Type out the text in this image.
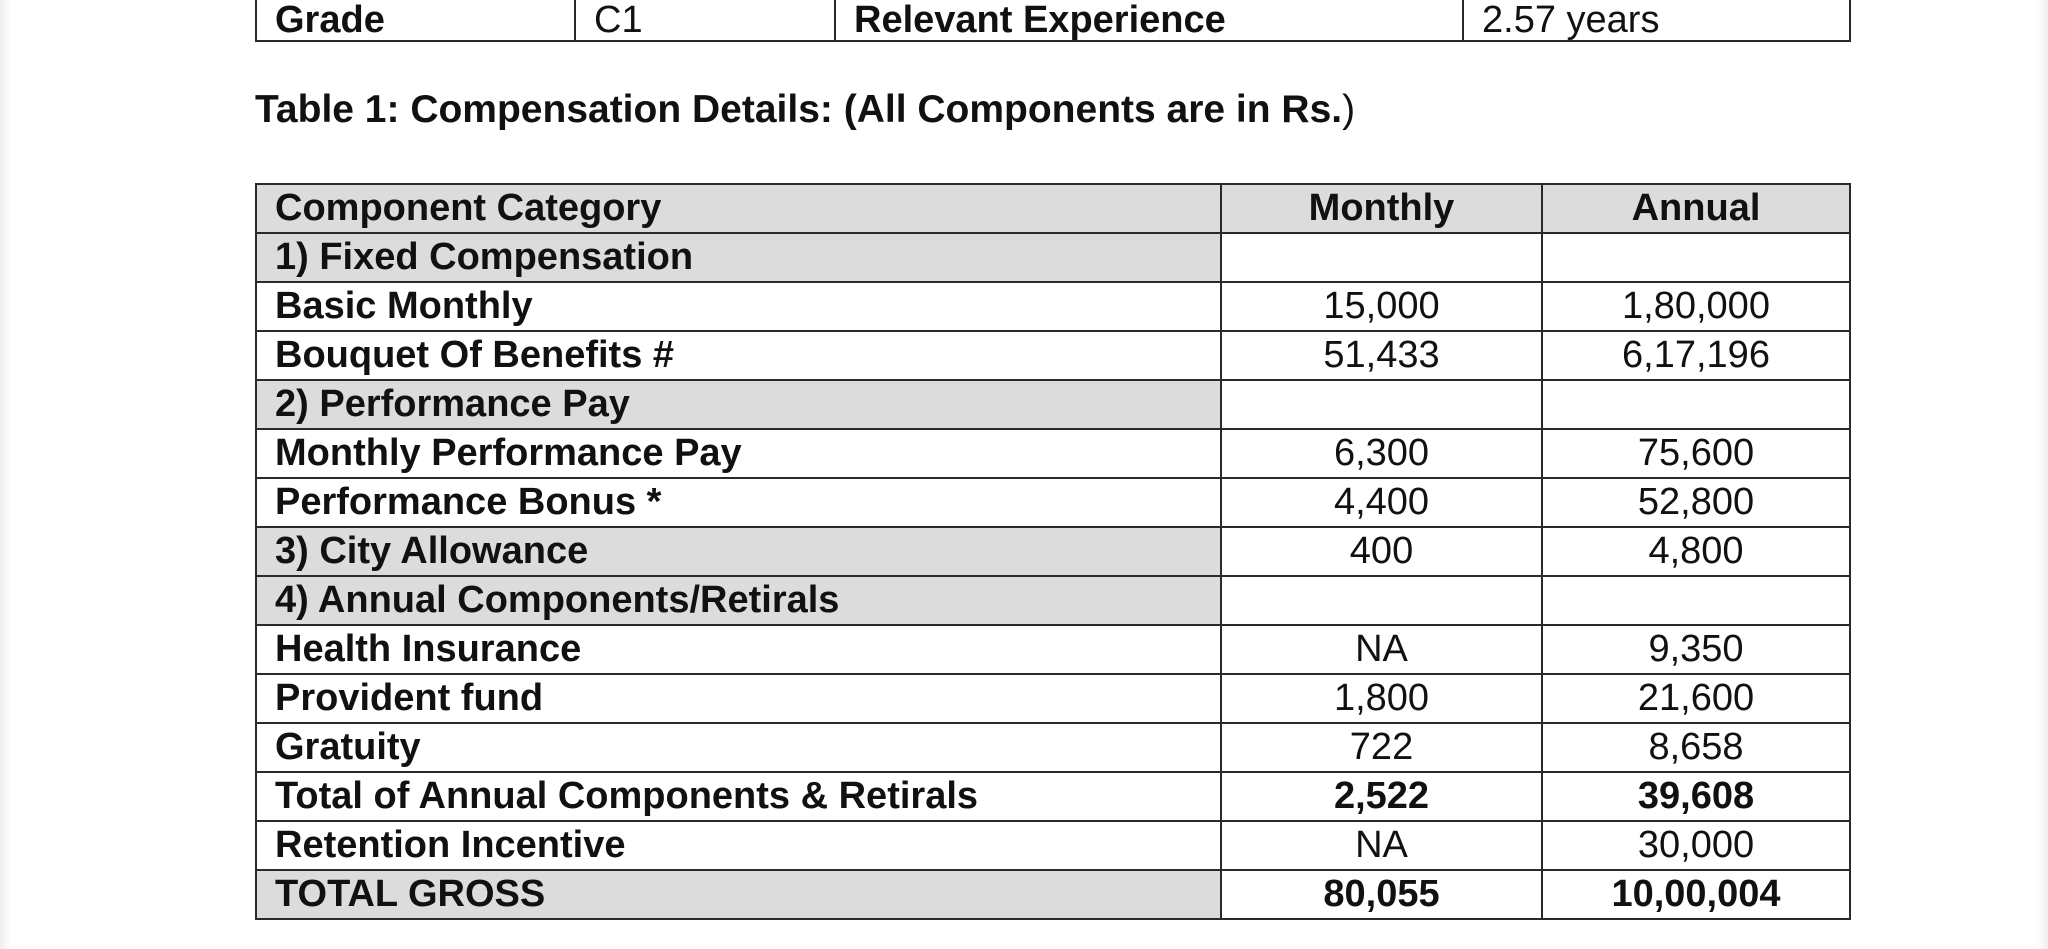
Grade	C1	Relevant Experience	2.57 years
Table 1: Compensation Details: (All Components are in Rs.)
Component Category	Monthly	Annual
1) Fixed Compensation		
Basic Monthly	15,000	1,80,000
Bouquet Of Benefits #	51,433	6,17,196
2) Performance Pay		
Monthly Performance Pay	6,300	75,600
Performance Bonus *	4,400	52,800
3) City Allowance	400	4,800
4) Annual Components/Retirals		
Health Insurance	NA	9,350
Provident fund	1,800	21,600
Gratuity	722	8,658
Total of Annual Components & Retirals	2,522	39,608
Retention Incentive	NA	30,000
TOTAL GROSS	80,055	10,00,004
